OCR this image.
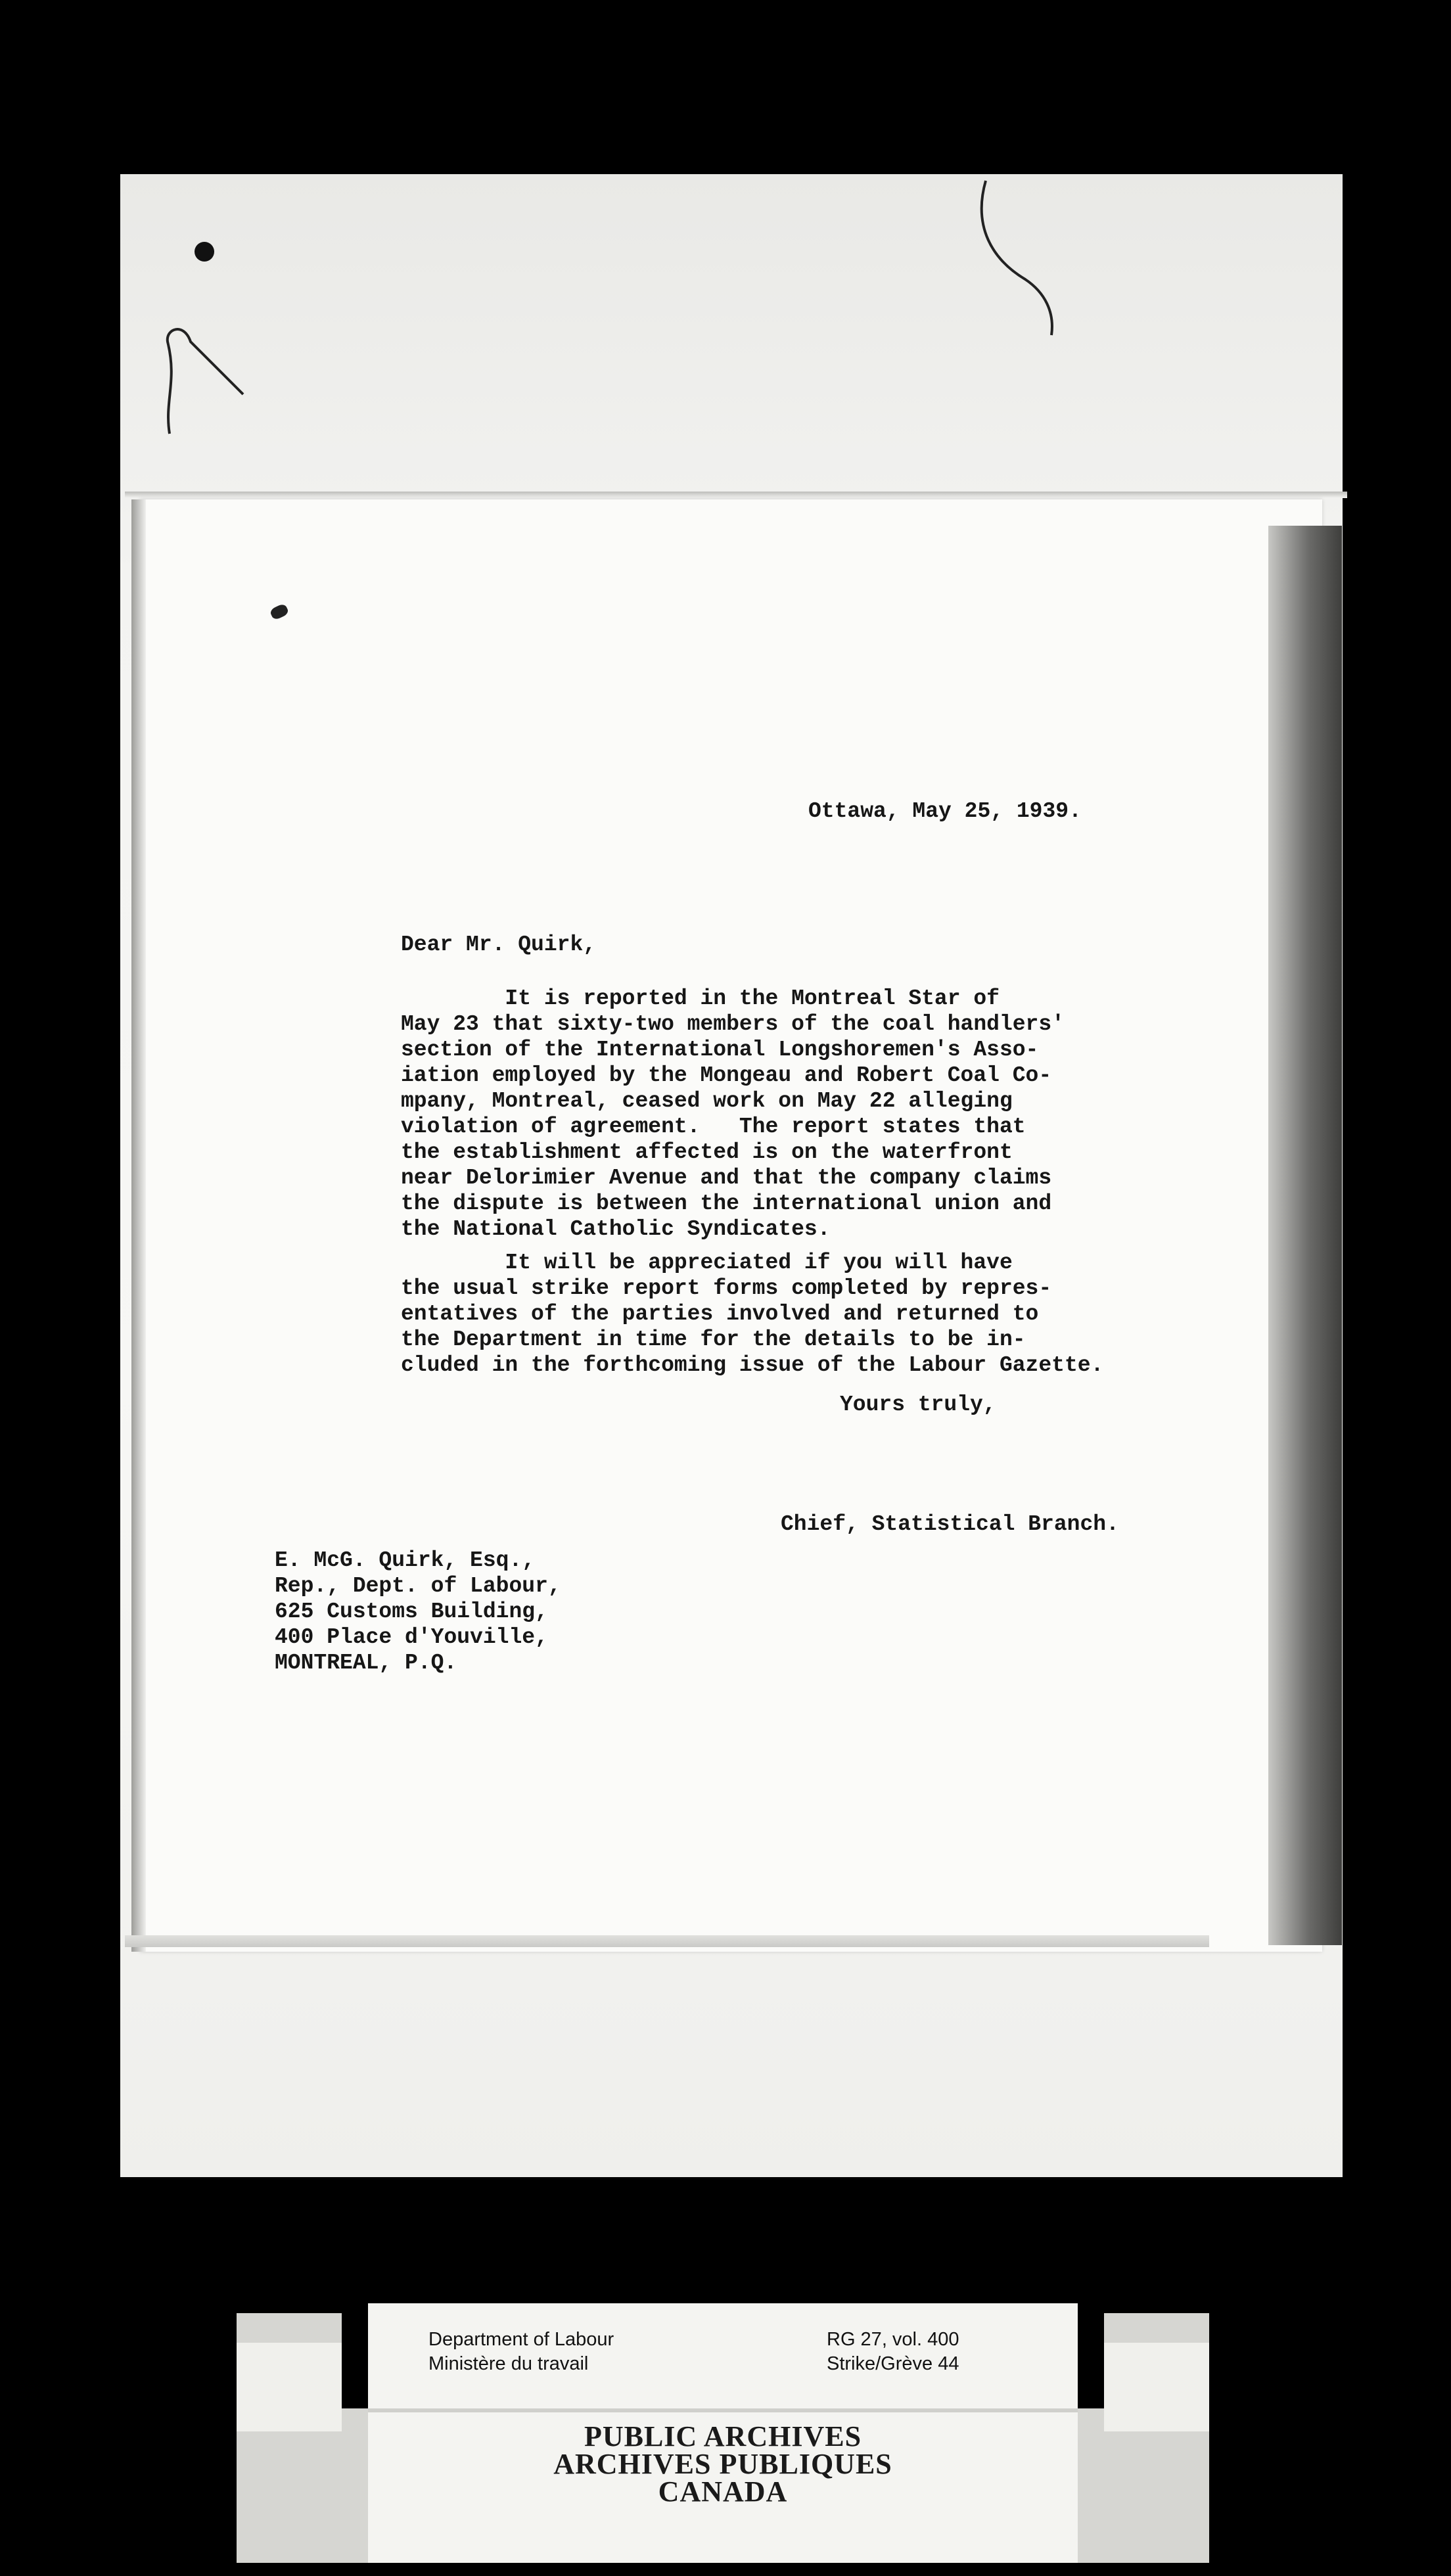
Ottawa, May 25, 1939.

Dear Mr. Quirk,

It is reported in the Montreal Star of

May 23 that sixty-two members of the coal handlers'

section of the International Longshoremen's Asso-

iation employed by the Mongeau and Robert Coal Co-

mpany, Montreal, ceased work on May 22 alleging

violation of agreement.   The report states that

the establishment affected is on the waterfront

near Delorimier Avenue and that the company claims

the dispute is between the international union and

the National Catholic Syndicates.

It will be appreciated if you will have

the usual strike report forms completed by repres-

entatives of the parties involved and returned to

the Department in time for the details to be in-

cluded in the forthcoming issue of the Labour Gazette.

Yours truly,

Chief, Statistical Branch.

E. McG. Quirk, Esq.,

Rep., Dept. of Labour,

625 Customs Building,

400 Place d'Youville,

MONTREAL, P.Q.

Department of Labour

Ministère du travail

RG 27, vol. 400

Strike/Grève 44

PUBLIC ARCHIVES
ARCHIVES PUBLIQUES
CANADA
